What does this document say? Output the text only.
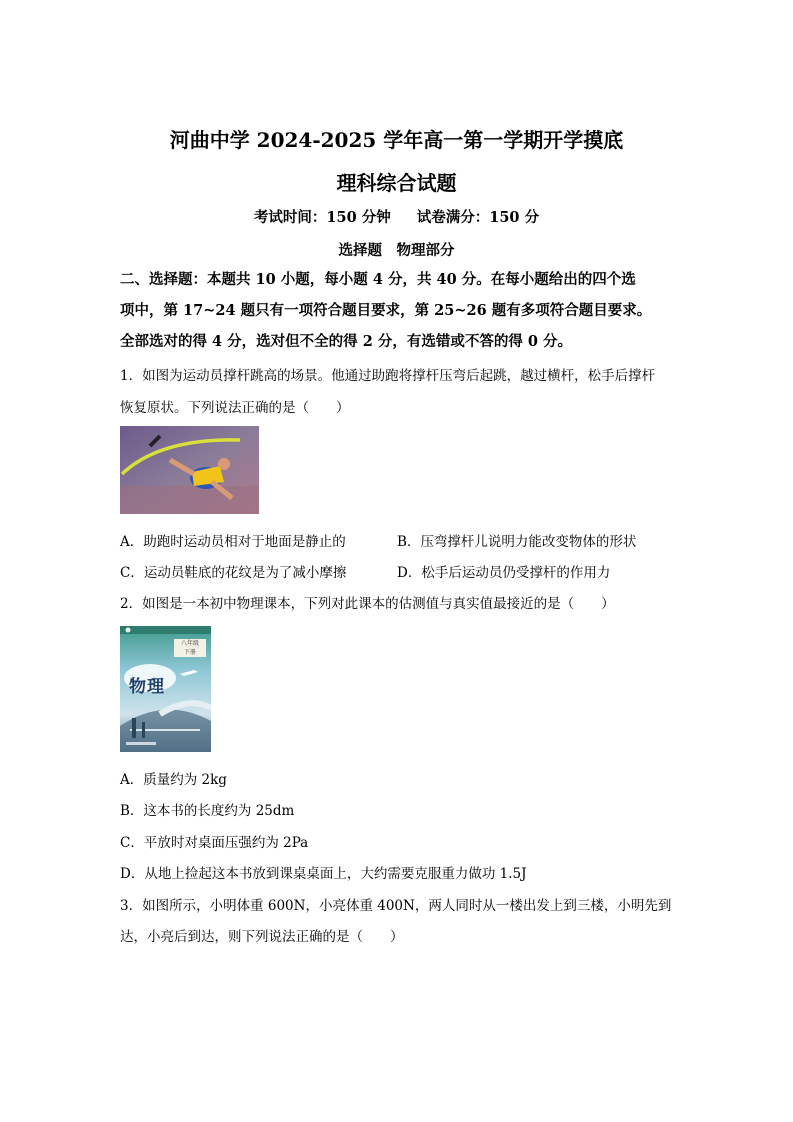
河曲中学 2024-2025 学年高一第一学期开学摸底
理科综合试题
考试时间：150 分钟 试卷满分：150 分
选择题　物理部分
二、选择题：本题共 10 小题，每小题 4 分，共 40 分。在每小题给出的四个选
项中，第 17~24 题只有一项符合题目要求，第 25~26 题有多项符合题目要求。
全部选对的得 4 分，选对但不全的得 2 分，有选错或不答的得 0 分。
1．如图为运动员撑杆跳高的场景。他通过助跑将撑杆压弯后起跳，越过横杆，松手后撑杆
恢复原状。下列说法正确的是（　　）
A．助跑时运动员相对于地面是静止的	B．压弯撑杆儿说明力能改变物体的形状
C．运动员鞋底的花纹是为了减小摩擦	D．松手后运动员仍受撑杆的作用力
2．如图是一本初中物理课本，下列对此课本的估测值与真实值最接近的是（　　）
八年级
下册
物理
A．质量约为 2kg
B．这本书的长度约为 25dm
C．平放时对桌面压强约为 2Pa
D．从地上捡起这本书放到课桌桌面上，大约需要克服重力做功 1.5J
3．如图所示，小明体重 600N，小亮体重 400N，两人同时从一楼出发上到三楼，小明先到
达，小亮后到达，则下列说法正确的是（　　）
